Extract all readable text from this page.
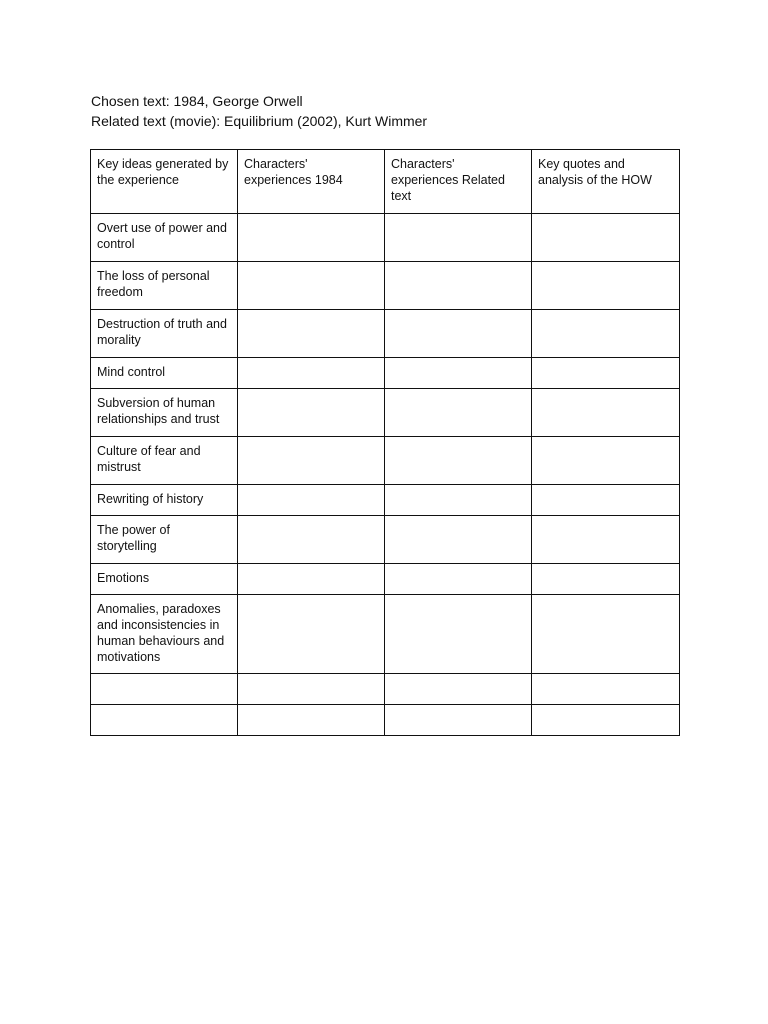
Chosen text: 1984, George Orwell
Related text (movie): Equilibrium (2002), Kurt Wimmer
Key ideas generated by the experience	Characters' experiences 1984	Characters' experiences Related text	Key quotes and analysis of the HOW
Overt use of power and control			
The loss of personal freedom			
Destruction of truth and morality			
Mind control			
Subversion of human relationships and trust			
Culture of fear and mistrust			
Rewriting of history			
The power of storytelling			
Emotions			
Anomalies, paradoxes and inconsistencies in human behaviours and motivations			
